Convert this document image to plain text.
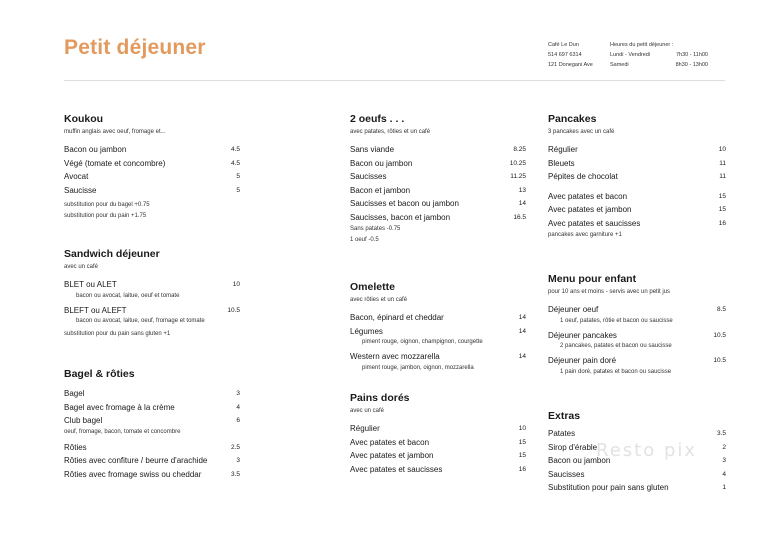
Petit déjeuner	Café Le Dun
514 697 6314
121 Donegani Ave
Heures du petit déjeuner :
Lundi - Vendredi	7h30 - 11h00
Samedi	8h30 - 13h00
Koukou
muffin anglais avec oeuf, fromage et...
Bacon ou jambon	4.5
Végé (tomate et concombre)	4.5
Avocat	5
Saucisse	5
substitution pour du bagel +0.75
substitution pour du pain +1.75
Sandwich déjeuner
avec un café
BLET ou ALET	10
bacon ou avocat, laitue, oeuf et tomate
BLEFT ou ALEFT	10.5
bacon ou avocat, laitue, oeuf, fromage et tomate
substitution pour du pain sans gluten +1
Bagel & rôties
Bagel	3
Bagel avec fromage à la crème	4
Club bagel	6
oeuf, fromage, bacon, tomate et concombre
Rôties	2.5
Rôties avec confiture / beurre d'arachide	3
Rôties avec fromage swiss ou cheddar	3.5
2 oeufs . . .
avec patates, rôties et un café
Sans viande	8.25
Bacon ou jambon	10.25
Saucisses	11.25
Bacon et jambon	13
Saucisses et bacon ou jambon	14
Saucisses, bacon et jambon	16.5
Sans patates -0.75
1 oeuf -0.5
Omelette
avec rôties et un café
Bacon, épinard et cheddar	14
Légumes	14
piment rouge, oignon, champignon, courgette
Western avec mozzarella	14
piment rouge, jambon, oignon, mozzarella
Pains dorés
avec un café
Régulier	10
Avec patates et bacon	15
Avec patates et jambon	15
Avec patates et saucisses	16
Pancakes
3 pancakes avec un café
Régulier	10
Bleuets	11
Pépites de chocolat	11
Avec patates et bacon	15
Avec patates et jambon	15
Avec patates et saucisses	16
pancakes avec garniture +1
Menu pour enfant
pour 10 ans et moins - servis avec un petit jus
Déjeuner oeuf	8.5
1 oeuf, patates, rôtie et bacon ou saucisse
Déjeuner pancakes	10.5
2 pancakes, patates et bacon ou saucisse
Déjeuner pain doré	10.5
1 pain doré, patates et bacon ou saucisse
Extras
Patates	3.5
Sirop d'érable	2
Bacon ou jambon	3
Saucisses	4
Substitution pour pain sans gluten	1
Resto pix
